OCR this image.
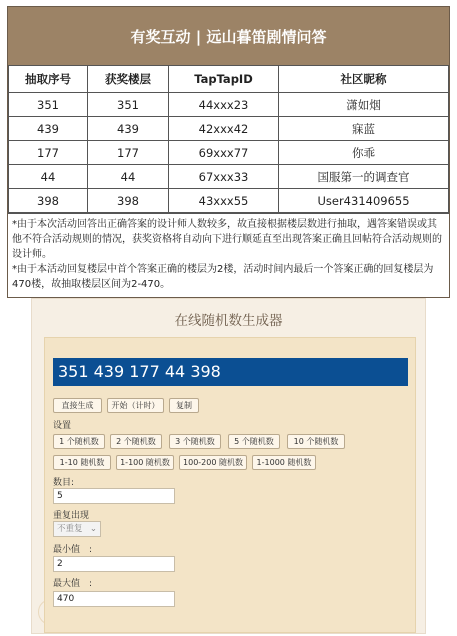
有奖互动 | 远山暮笛剧情问答
抽取序号	获奖楼层	TapTapID	社区昵称
351	351	44xxx23	潇如烟
439	439	42xxx42	寐蓝
177	177	69xxx77	你乖
44	44	67xxx33	国服第一的调查官
398	398	43xxx55	User431409655

*由于本次活动回答出正确答案的设计师人数较多，故直接根据楼层数进行抽取，遇答案错误或其他不符合活动规则的情况，获奖资格将自动向下进行顺延直至出现答案正确且回帖符合活动规则的设计师。

*由于本活动回复楼层中首个答案正确的楼层为2楼，活动时间内最后一个答案正确的回复楼层为470楼，故抽取楼层区间为2-470。

在线随机数生成器
351 439 177 44 398
直接生成	开始（计时）	复制
设置
1 个随机数	2 个随机数	3 个随机数	5 个随机数	10 个随机数
1-10 随机数	1-100 随机数	100-200 随机数	1-1000 随机数
数目:
5
重复出现
不重复 ⌄
最小值　:
2
最大值　:
470
